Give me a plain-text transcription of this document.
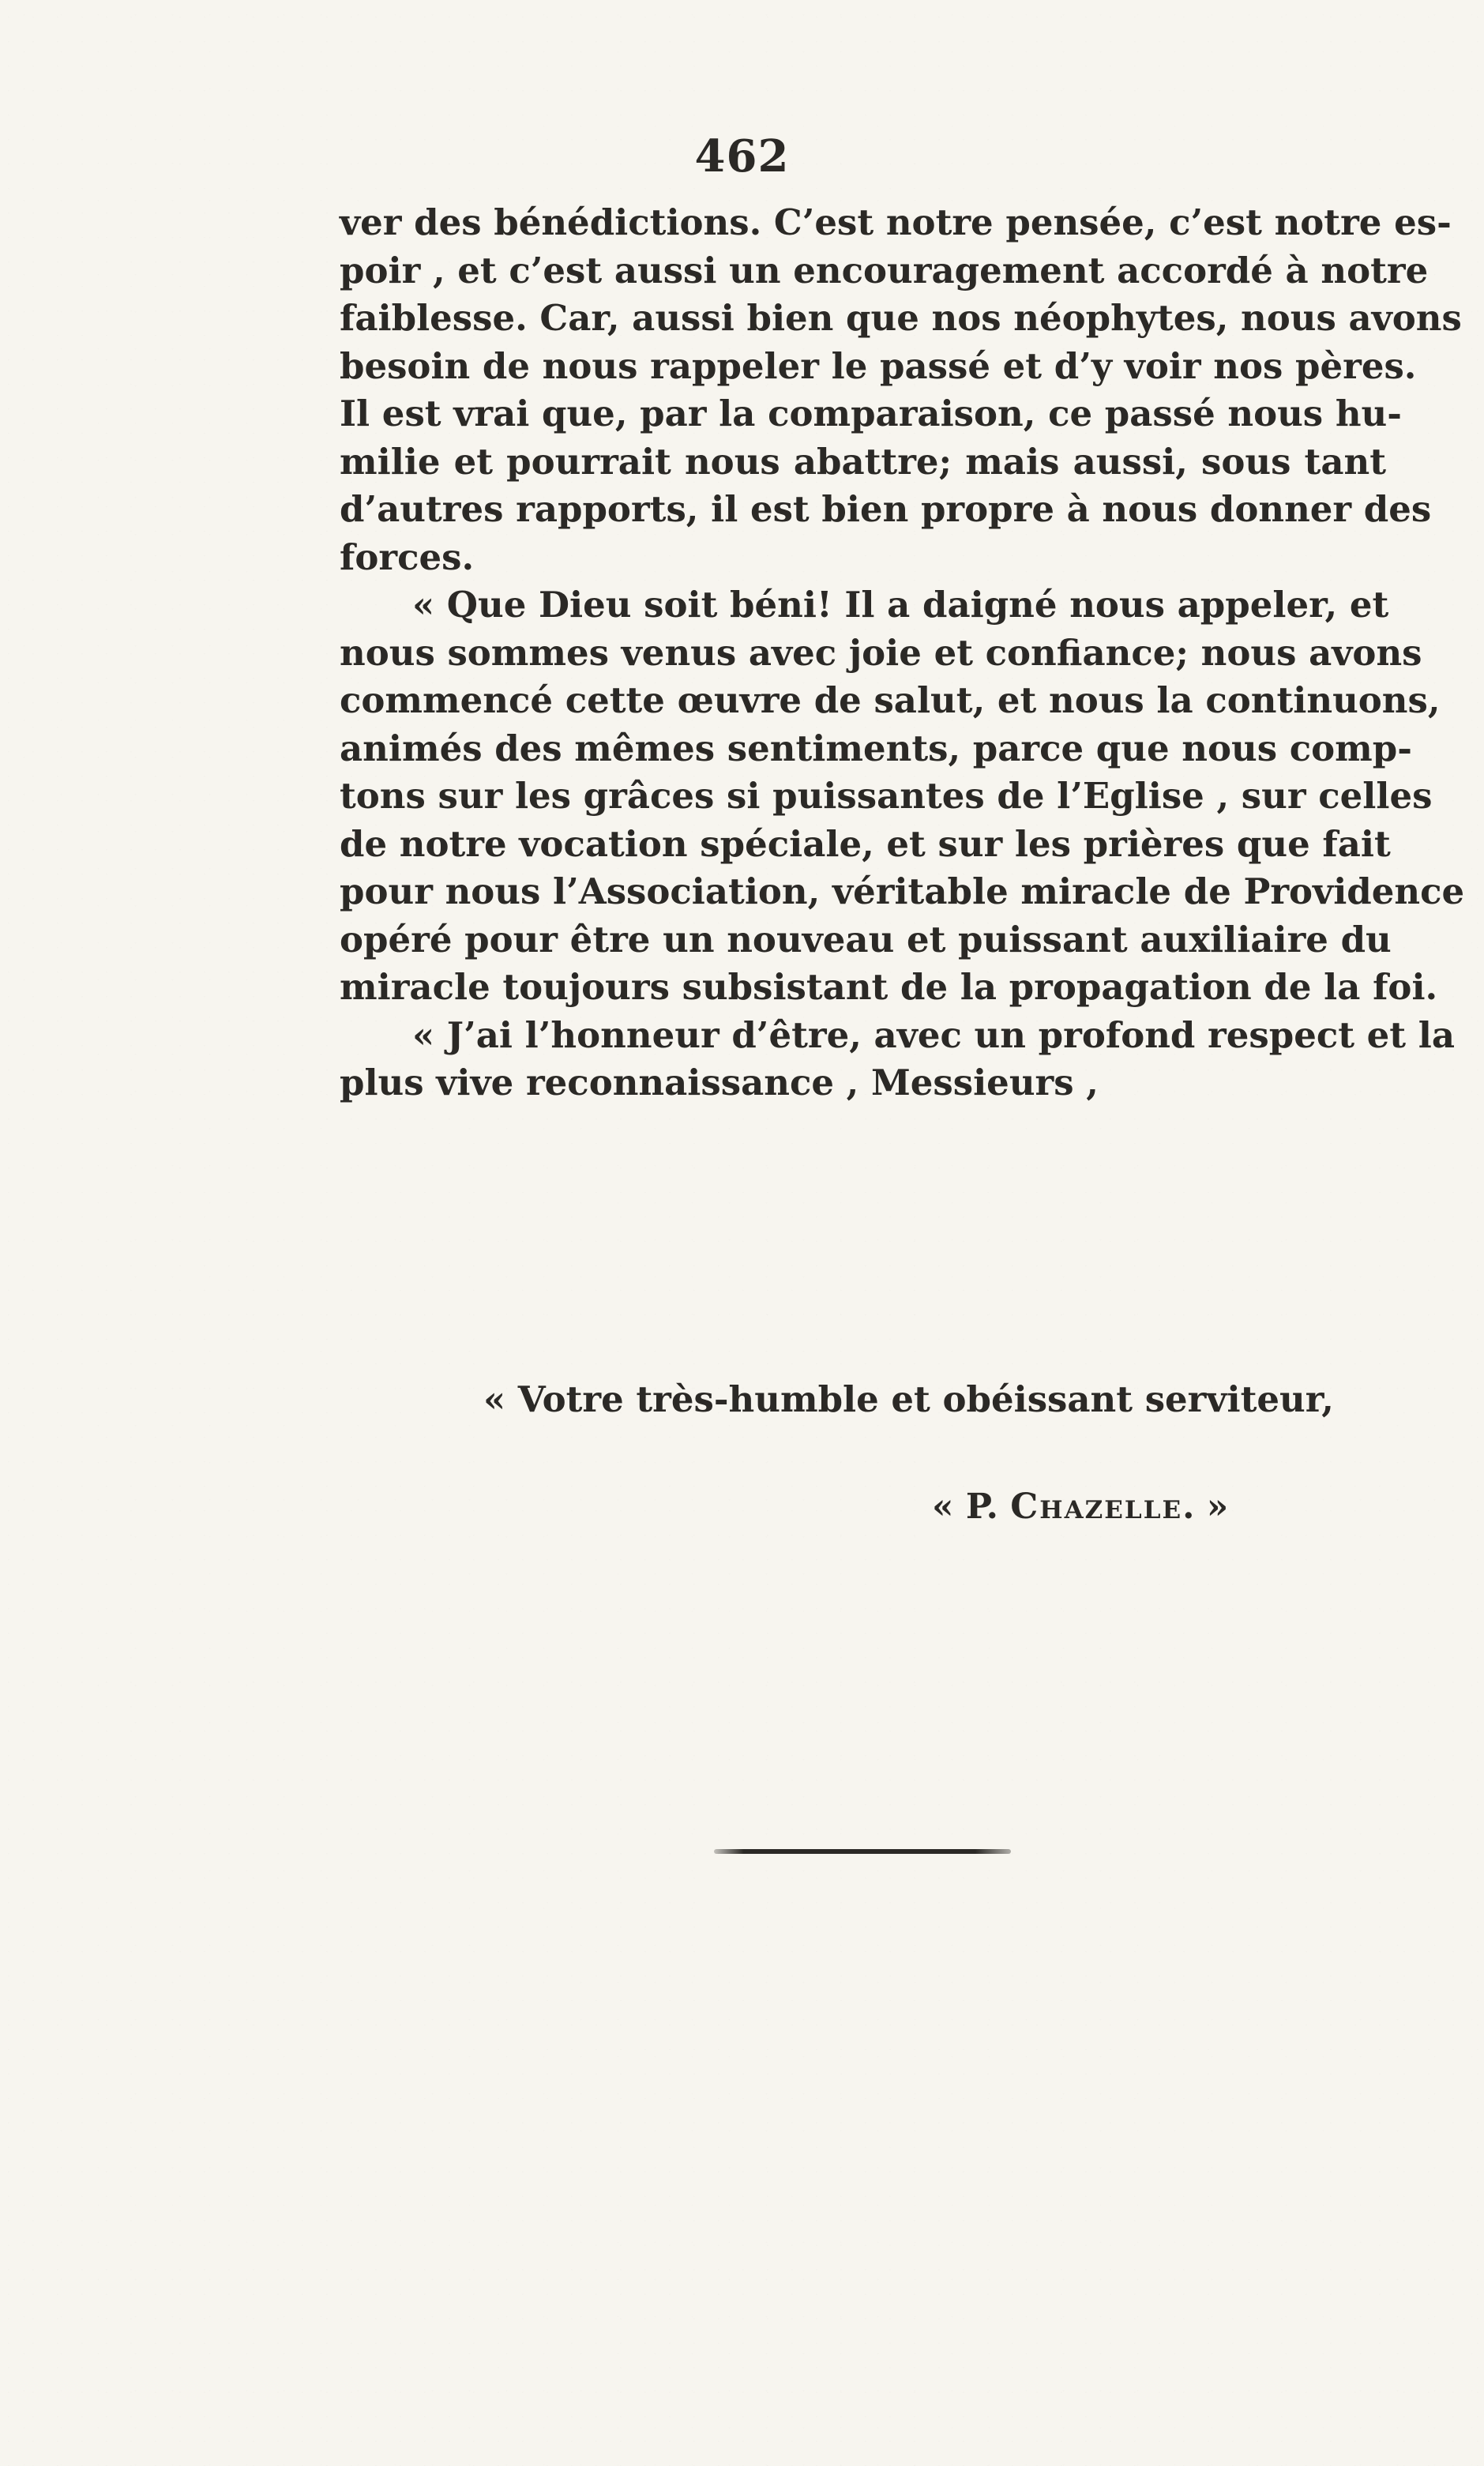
462
ver des bénédictions. C’est notre pensée, c’est notre es-
poir , et c’est aussi un encouragement accordé à notre
faiblesse. Car, aussi bien que nos néophytes, nous avons
besoin de nous rappeler le passé et d’y voir nos pères.
Il est vrai que, par la comparaison, ce passé nous hu-
milie et pourrait nous abattre; mais aussi, sous tant
d’autres rapports, il est bien propre à nous donner des
forces.
« Que Dieu soit béni! Il a daigné nous appeler, et
nous sommes venus avec joie et confiance; nous avons
commencé cette œuvre de salut, et nous la continuons,
animés des mêmes sentiments, parce que nous comp-
tons sur les grâces si puissantes de l’Eglise , sur celles
de notre vocation spéciale, et sur les prières que fait
pour nous l’Association, véritable miracle de Providence
opéré pour être un nouveau et puissant auxiliaire du
miracle toujours subsistant de la propagation de la foi.
« J’ai l’honneur d’être, avec un profond respect et la
plus vive reconnaissance , Messieurs ,
« Votre très-humble et obéissant serviteur,
« P. Chazelle. »
